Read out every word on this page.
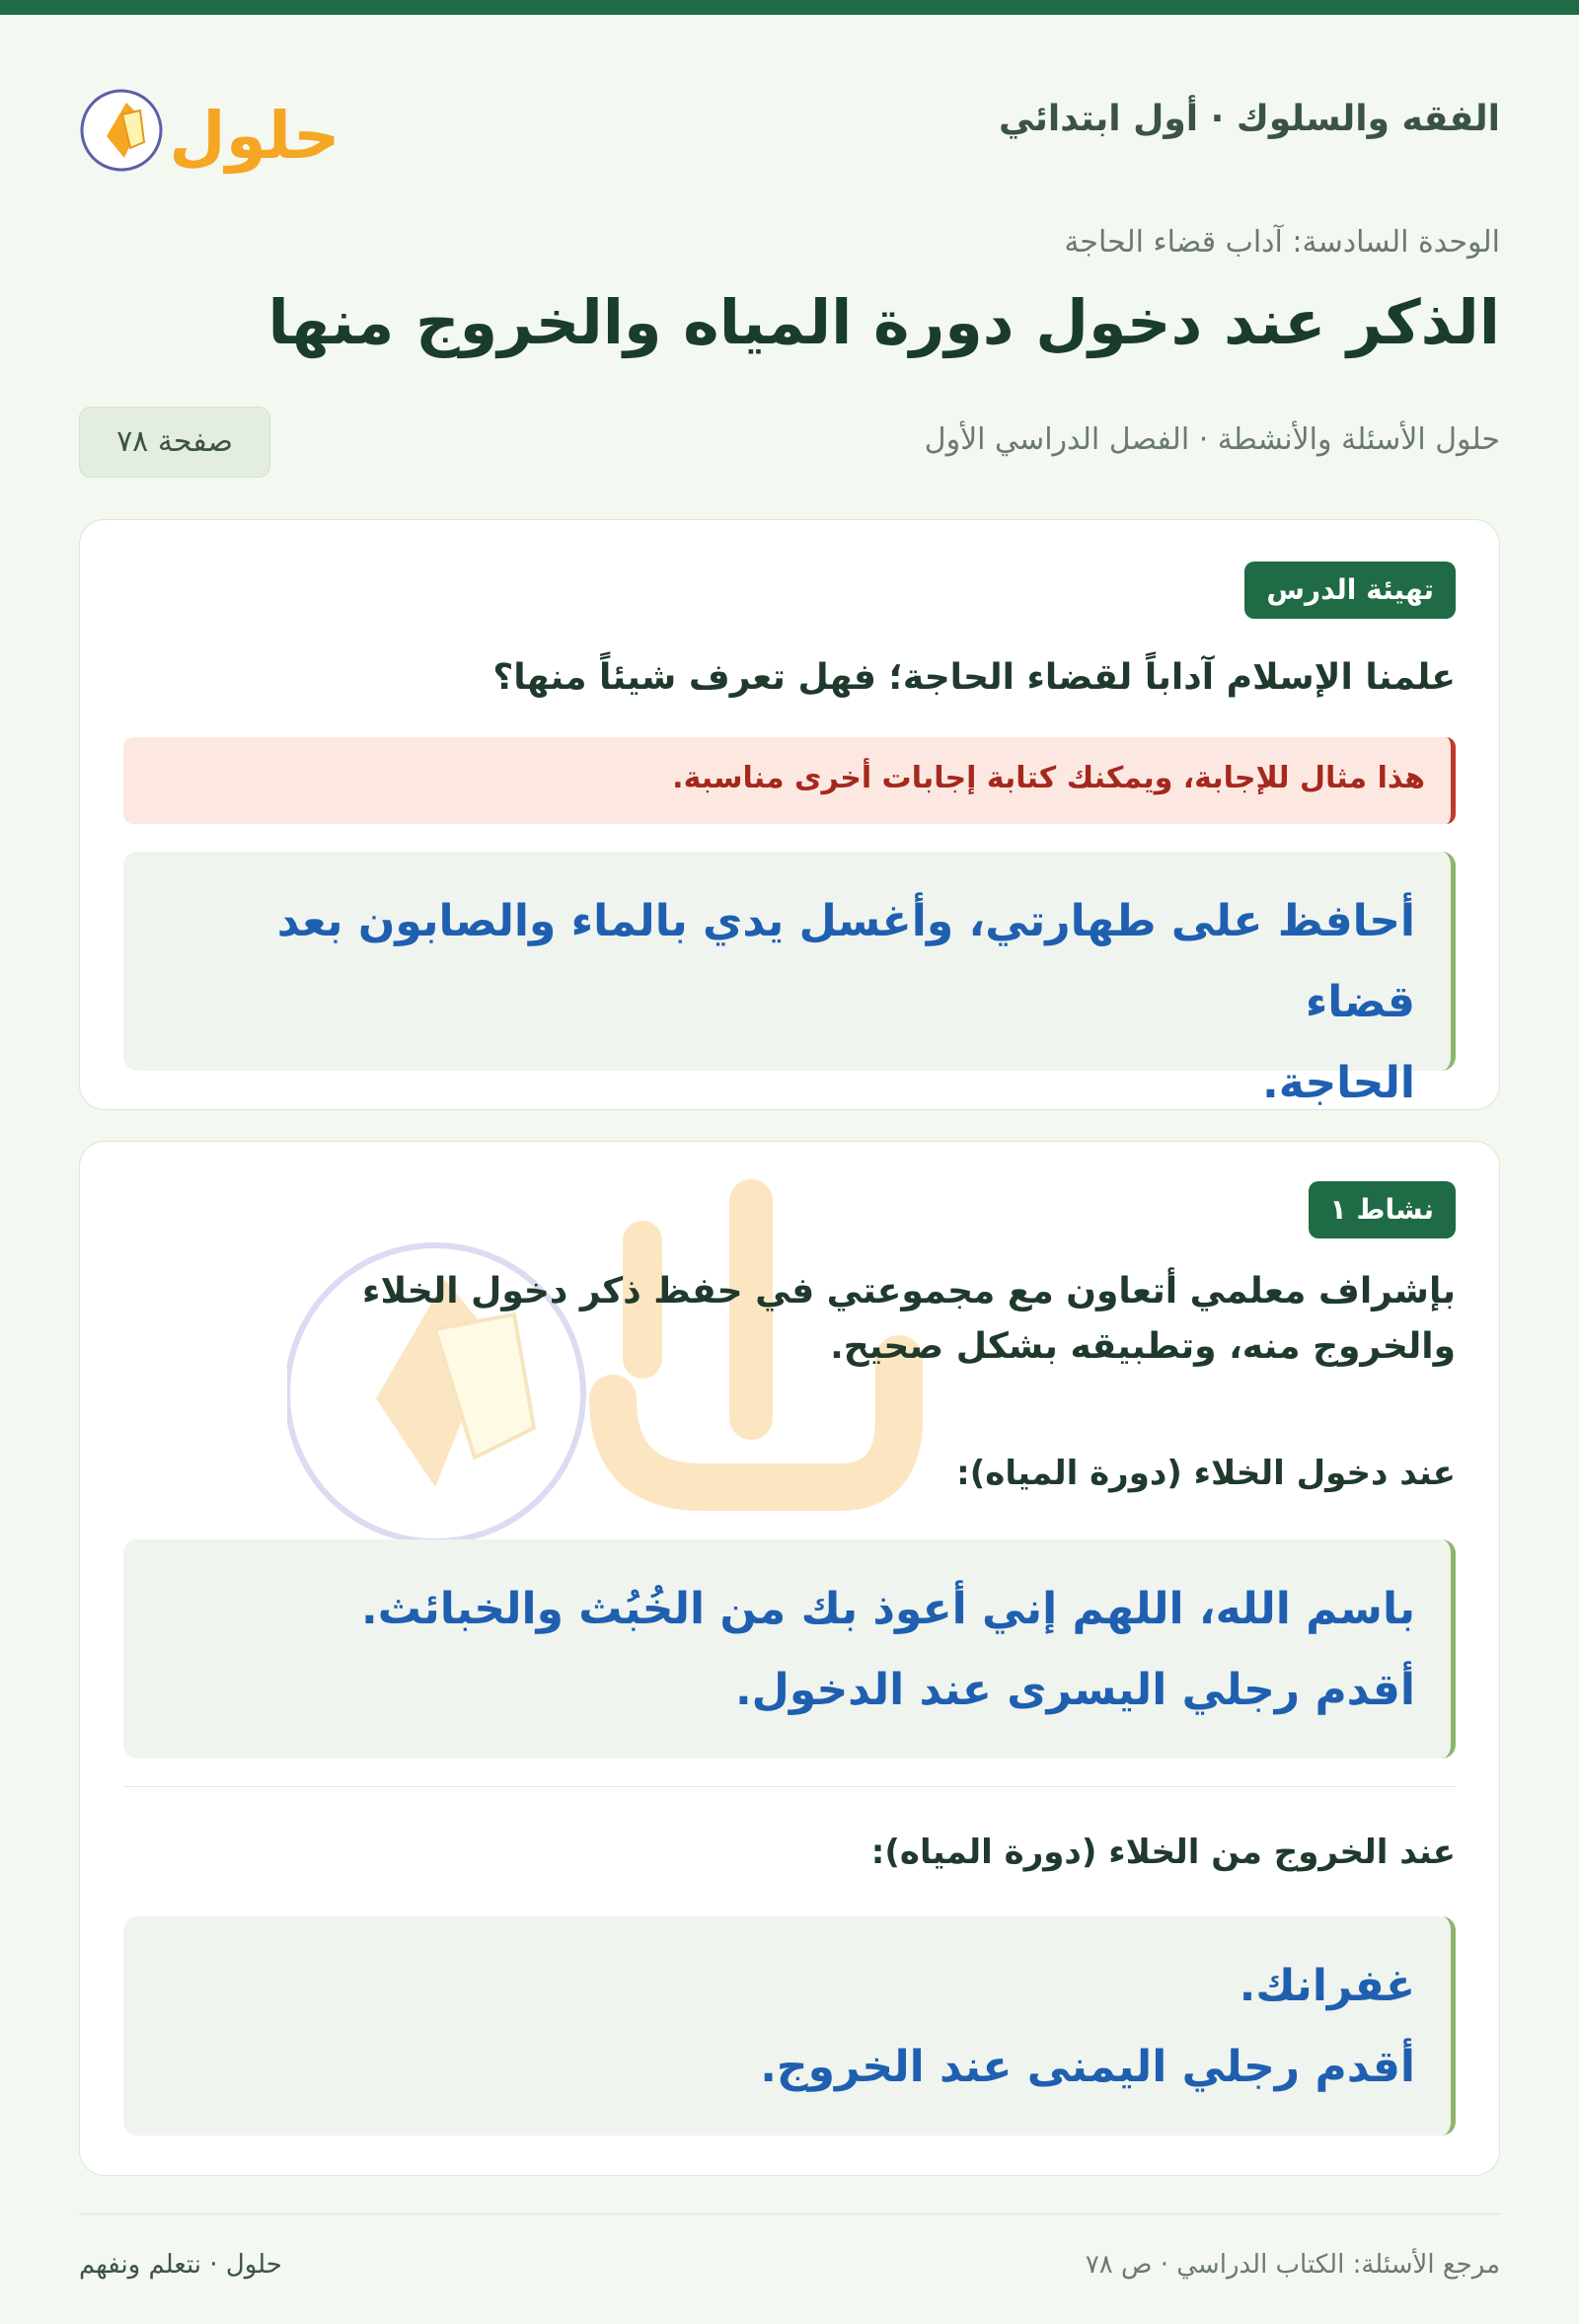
الفقه والسلوك · أول ابتدائي
حلول
الوحدة السادسة: آداب قضاء الحاجة
الذكر عند دخول دورة المياه والخروج منها
حلول الأسئلة والأنشطة · الفصل الدراسي الأول
صفحة ٧٨
تهيئة الدرس

علمنا الإسلام آداباً لقضاء الحاجة؛ فهل تعرف شيئاً منها؟

هذا مثال للإجابة، ويمكنك كتابة إجابات أخرى مناسبة.

أحافظ على طهارتي، وأغسل يدي بالماء والصابون بعد قضاء

الحاجة.

نشاط ١

بإشراف معلمي أتعاون مع مجموعتي في حفظ ذكر دخول الخلاء

والخروج منه، وتطبيقه بشكل صحيح.

عند دخول الخلاء (دورة المياه):

باسم الله، اللهم إني أعوذ بك من الخُبُث والخبائث.

أقدم رجلي اليسرى عند الدخول.

عند الخروج من الخلاء (دورة المياه):

غفرانك.

أقدم رجلي اليمنى عند الخروج.

مرجع الأسئلة: الكتاب الدراسي · ص ٧٨
حلول · نتعلم ونفهم
